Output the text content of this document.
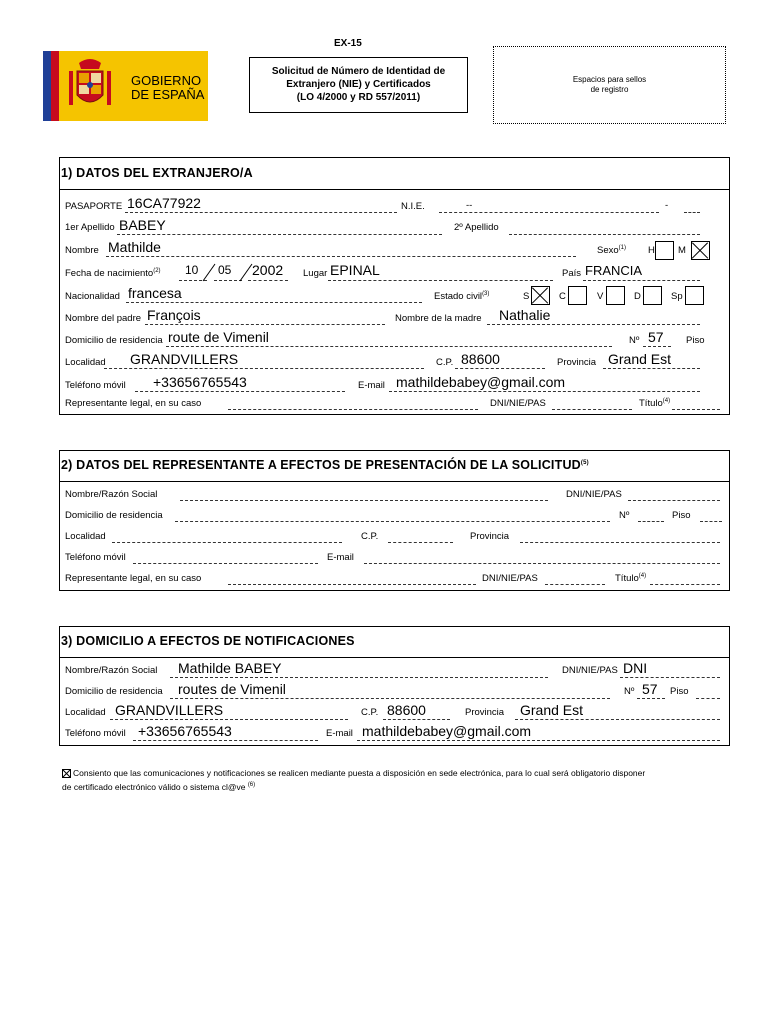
GOBIERNO
DE ESPAÑA
EX-15
Solicitud de Número de Identidad de
Extranjero (NIE) y Certificados
(LO 4/2000 y RD 557/2011)
Espacios para sellos
de registro
1) DATOS DEL EXTRANJERO/A
PASAPORTE 16CA77922	N.I.E.	--	-
1er Apellido BABEY	2º Apellido
Nombre Mathilde	Sexo$^{(1)}$ H M
Fecha de nacimiento$^{(2)}$ 10 05 2002 Lugar EPINAL	País FRANCIA
Nacionalidad francesa	Estado civil$^{(3)}$	S	C	V	D	Sp
Nombre del padre François	Nombre de la madre Nathalie
Domicilio de residencia route de Vimenil	Nº 57 Piso
Localidad GRANDVILLERS	C.P. 88600	Provincia Grand Est
Teléfono móvil +33656765543	E-mail mathildebabey@gmail.com
Representante legal, en su caso	DNI/NIE/PAS	Título$^{(4)}$
2) DATOS DEL REPRESENTANTE A EFECTOS DE PRESENTACIÓN DE LA SOLICITUD$^{(5)}$
Nombre/Razón Social	DNI/NIE/PAS
Domicilio de residencia	Nº	Piso
Localidad	C.P.	Provincia
Teléfono móvil	E-mail
Representante legal, en su caso	DNI/NIE/PAS	Título$^{(4)}$
3) DOMICILIO A EFECTOS DE NOTIFICACIONES
Nombre/Razón Social Mathilde BABEY	DNI/NIE/PAS DNI
Domicilio de residencia routes de Vimenil	Nº 57 Piso
Localidad GRANDVILLERS	C.P. 88600	Provincia Grand Est
Teléfono móvil +33656765543	E-mail mathildebabey@gmail.com
Consiento que las comunicaciones y notificaciones se realicen mediante puesta a disposición en sede electrónica, para lo cual será obligatorio disponer
de certificado electrónico válido o sistema cl@ve $^{(6)}$
